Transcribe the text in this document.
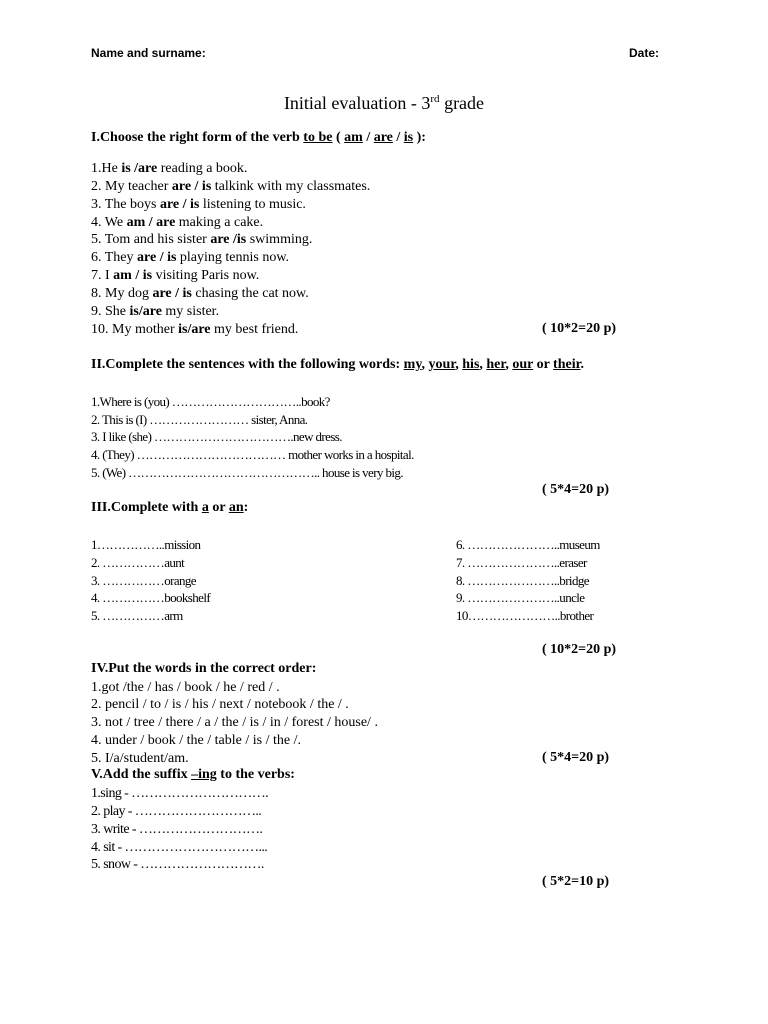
Name and surname:	Date:
Initial evaluation - 3rd grade
I.Choose the right form of the verb to be ( am / are / is ):
1.He is /are reading a book.
2. My teacher are / is talkink with my classmates.
3. The boys are / is listening to music.
4. We am / are making a cake.
5. Tom and his sister are /is swimming.
6. They are / is playing tennis now.
7. I am / is visiting Paris now.
8. My dog are / is chasing the cat now.
9. She is/are my sister.
10. My mother is/are my best friend.	( 10*2=20 p)
II.Complete the sentences with the following words: my, your, his, her, our or their.
1.Where is (you) …………………………..book?
2. This is (I) …………………… sister, Anna.
3. I like (she) …………………………….new dress.
4. (They) ……………………………… mother works in a hospital.
5. (We) ……………………………………….. house is very big.
( 5*4=20 p)
III.Complete with a or an:
1……………..mission
2. ……………aunt
3. ……………orange
4. ……………bookshelf
5. ……………arm
6. …………………..museum
7. …………………..eraser
8. …………………..bridge
9. …………………..uncle
10…………………..brother
( 10*2=20 p)
IV.Put the words in the correct order:
1.got /the / has / book / he / red / .
2. pencil / to / is / his / next / notebook / the / .
3. not / tree / there / a / the / is / in / forest / house/ .
4. under / book / the / table / is / the /.
5. I/a/student/am.	( 5*4=20 p)
V.Add the suffix –ing to the verbs:
1.sing - ………………………….
2. play - ………………………..
3. write - ……………………….
4. sit - …………………………...
5. snow - ……………………….
( 5*2=10 p)
